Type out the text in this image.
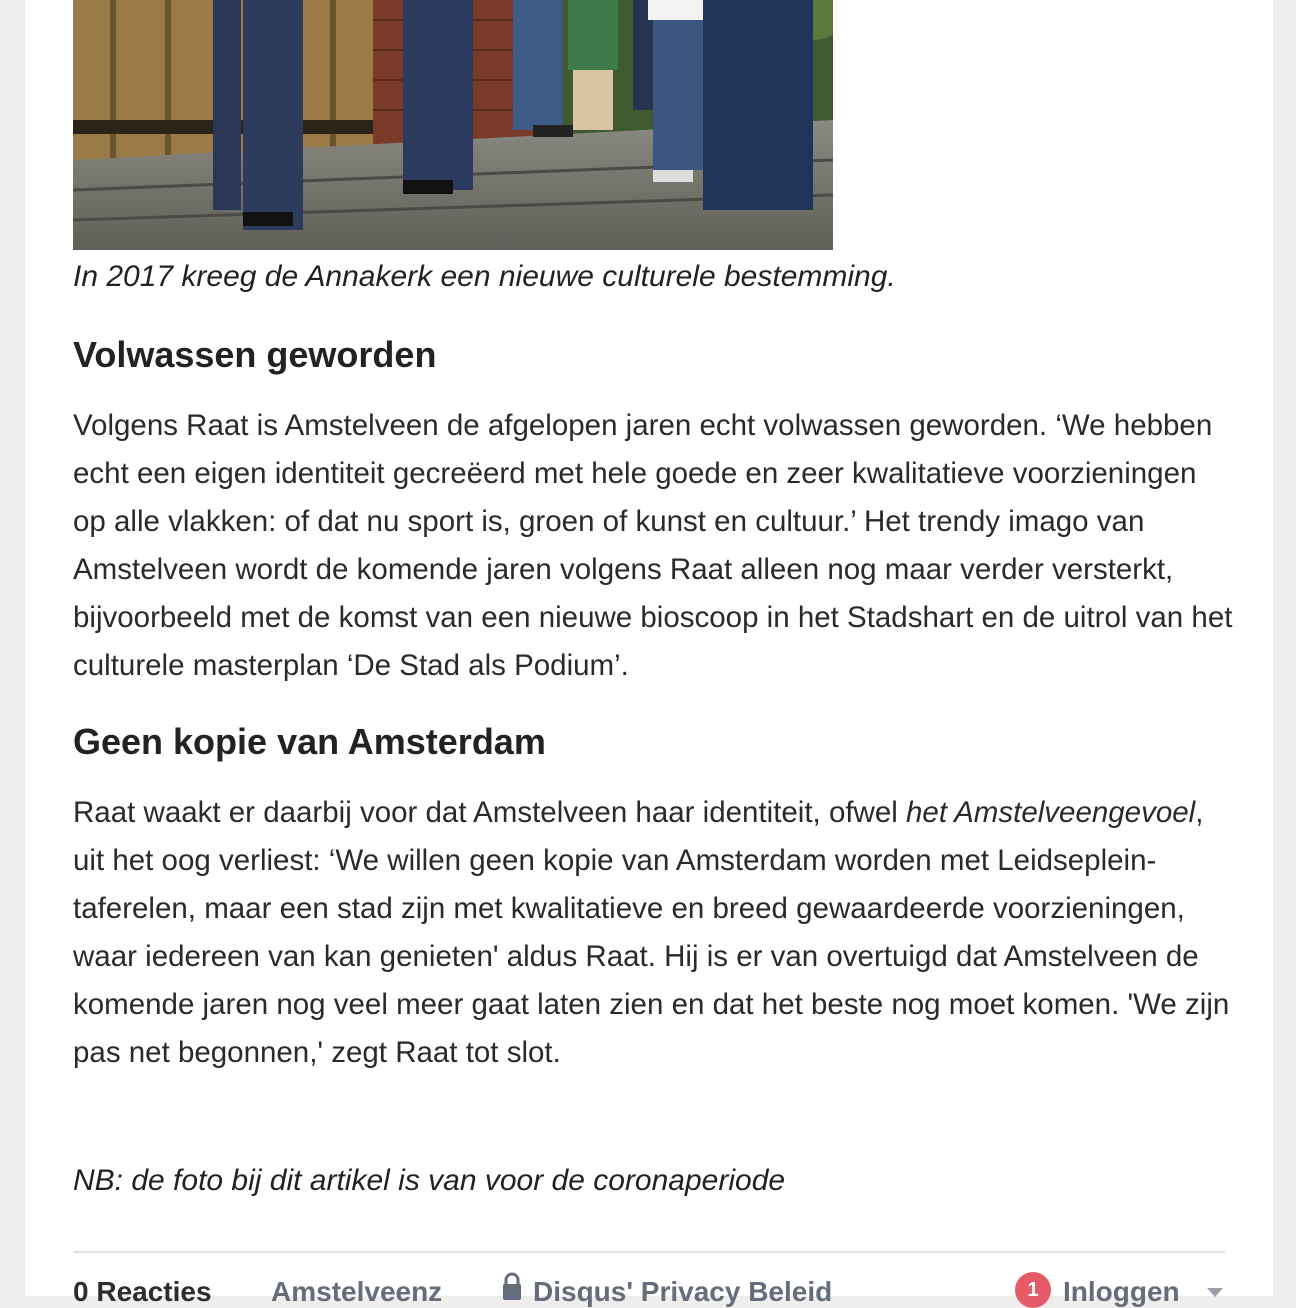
In 2017 kreeg de Annakerk een nieuwe culturele bestemming.
Volwassen geworden

Volgens Raat is Amstelveen de afgelopen jaren echt volwassen geworden. ‘We hebben echt een eigen identiteit gecreëerd met hele goede en zeer kwalitatieve voorzieningen op alle vlakken: of dat nu sport is, groen of kunst en cultuur.’ Het trendy imago van Amstelveen wordt de komende jaren volgens Raat alleen nog maar verder versterkt, bijvoorbeeld met de komst van een nieuwe bioscoop in het Stadshart en de uitrol van het culturele masterplan ‘De Stad als Podium’.

Geen kopie van Amsterdam

Raat waakt er daarbij voor dat Amstelveen haar identiteit, ofwel het Amstelveengevoel, uit het oog verliest: ‘We willen geen kopie van Amsterdam worden met Leidseplein-taferelen, maar een stad zijn met kwalitatieve en breed gewaardeerde voorzieningen, waar iedereen van kan genieten' aldus Raat. Hij is er van overtuigd dat Amstelveen de komende jaren nog veel meer gaat laten zien en dat het beste nog moet komen. 'We zijn pas net begonnen,' zegt Raat tot slot.

NB: de foto bij dit artikel is van voor de coronaperiode
0 Reacties Amstelveenz	Disqus' Privacy Beleid	1 Inloggen
